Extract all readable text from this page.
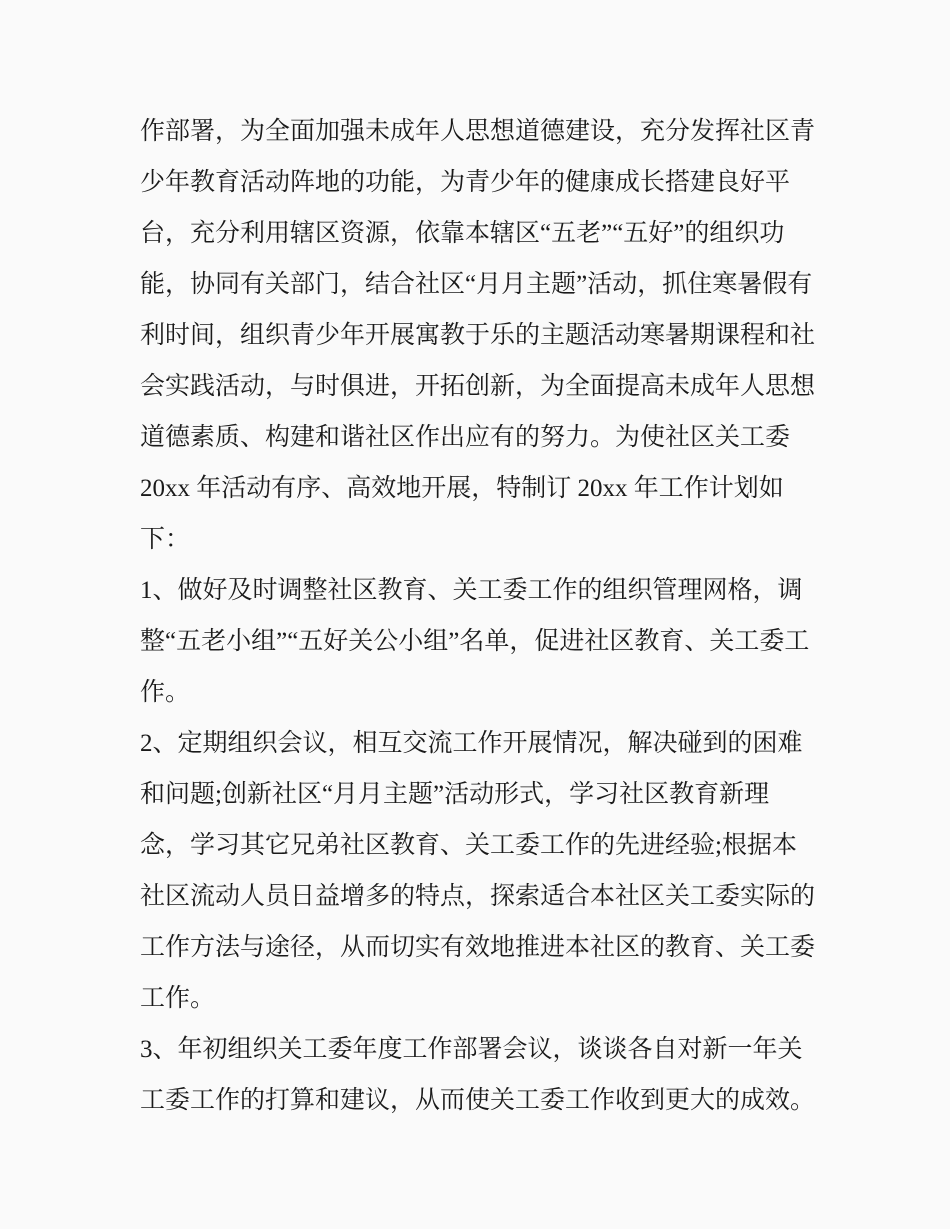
作部署，为全面加强未成年人思想道德建设，充分发挥社区青
少年教育活动阵地的功能，为青少年的健康成长搭建良好平
台，充分利用辖区资源，依靠本辖区“五老”“五好”的组织功
能，协同有关部门，结合社区“月月主题”活动，抓住寒暑假有
利时间，组织青少年开展寓教于乐的主题活动寒暑期课程和社
会实践活动，与时俱进，开拓创新，为全面提高未成年人思想
道德素质、构建和谐社区作出应有的努力。为使社区关工委
20xx 年活动有序、高效地开展，特制订 20xx 年工作计划如
下：
1、做好及时调整社区教育、关工委工作的组织管理网格，调
整“五老小组”“五好关公小组”名单，促进社区教育、关工委工
作。
2、定期组织会议，相互交流工作开展情况，解决碰到的困难
和问题;创新社区“月月主题”活动形式，学习社区教育新理
念，学习其它兄弟社区教育、关工委工作的先进经验;根据本
社区流动人员日益增多的特点，探索适合本社区关工委实际的
工作方法与途径，从而切实有效地推进本社区的教育、关工委
工作。
3、年初组织关工委年度工作部署会议，谈谈各自对新一年关
工委工作的打算和建议，从而使关工委工作收到更大的成效。
